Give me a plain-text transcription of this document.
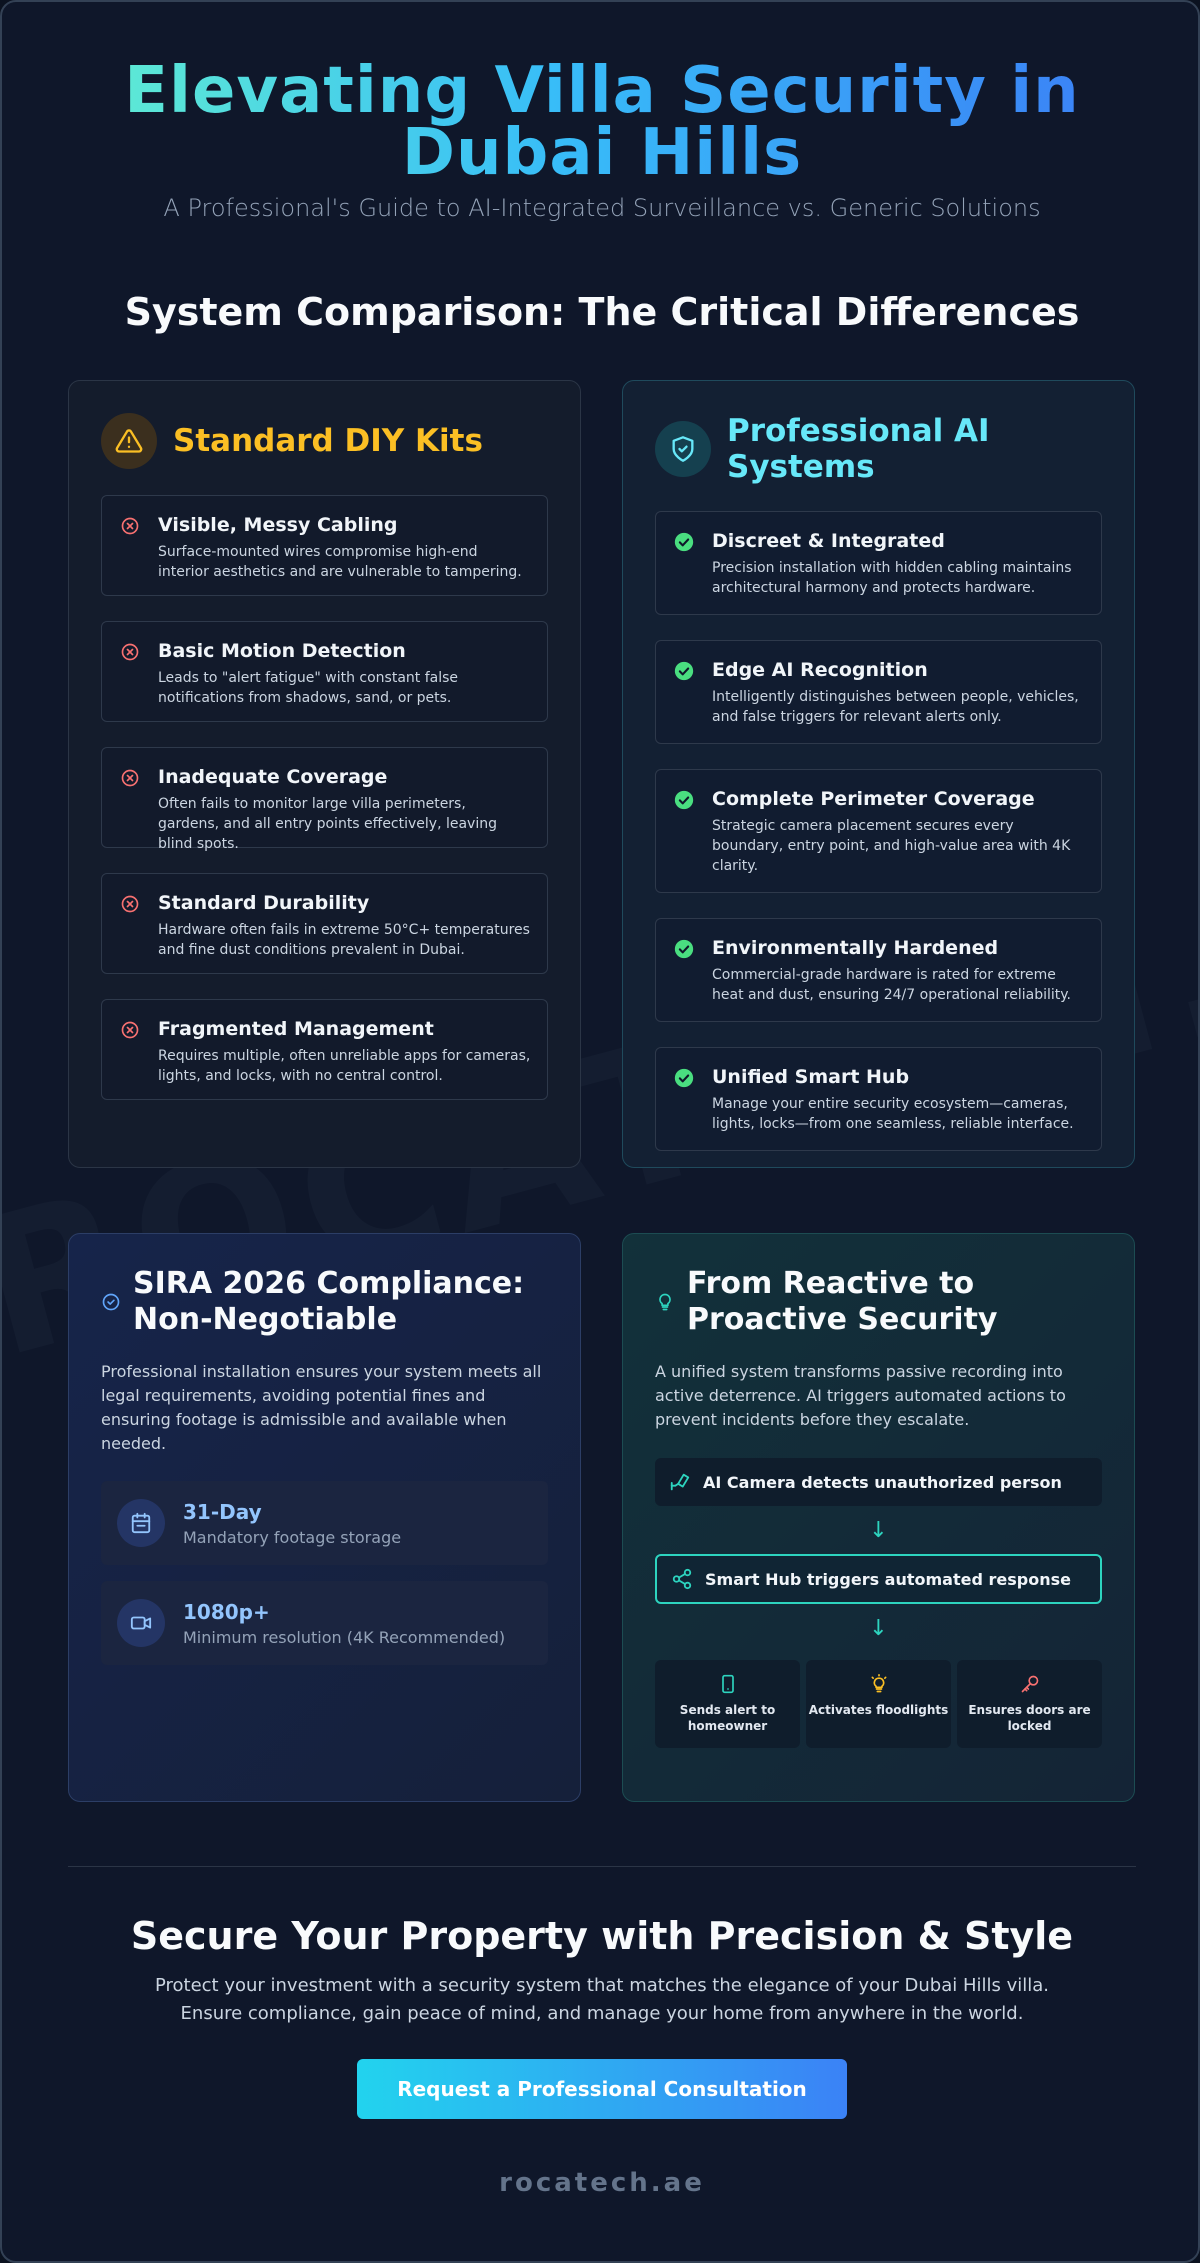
Elevating Villa Security in Dubai Hills
A Professional's Guide to AI-Integrated Surveillance vs. Generic Solutions
System Comparison: The Critical Differences
Standard DIY Kits
Visible, Messy Cabling

Surface-mounted wires compromise high-end interior aesthetics and are vulnerable to tampering.

Basic Motion Detection

Leads to "alert fatigue" with constant false notifications from shadows, sand, or pets.

Inadequate Coverage

Often fails to monitor large villa perimeters, gardens, and all entry points effectively, leaving blind spots.

Standard Durability

Hardware often fails in extreme 50°C+ temperatures and fine dust conditions prevalent in Dubai.

Fragmented Management

Requires multiple, often unreliable apps for cameras, lights, and locks, with no central control.

Professional AI Systems
Discreet & Integrated

Precision installation with hidden cabling maintains architectural harmony and protects hardware.

Edge AI Recognition

Intelligently distinguishes between people, vehicles, and false triggers for relevant alerts only.

Complete Perimeter Coverage

Strategic camera placement secures every boundary, entry point, and high-value area with 4K clarity.

Environmentally Hardened

Commercial-grade hardware is rated for extreme heat and dust, ensuring 24/7 operational reliability.

Unified Smart Hub

Manage your entire security ecosystem—cameras, lights, locks—from one seamless, reliable interface.

SIRA 2026 Compliance: Non-Negotiable

Professional installation ensures your system meets all legal requirements, avoiding potential fines and ensuring footage is admissible and available when needed.

31-Day
Mandatory footage storage
1080p+
Minimum resolution (4K Recommended)
From Reactive to Proactive Security

A unified system transforms passive recording into active deterrence. AI triggers automated actions to prevent incidents before they escalate.

AI Camera detects unauthorized person
↓
Smart Hub triggers automated response
↓
Sends alert to homeowner
Activates floodlights	Ensures doors are locked
Secure Your Property with Precision & Style

Protect your investment with a security system that matches the elegance of your Dubai Hills villa. Ensure compliance, gain peace of mind, and manage your home from anywhere in the world.

Request a Professional Consultation
rocatech.ae
